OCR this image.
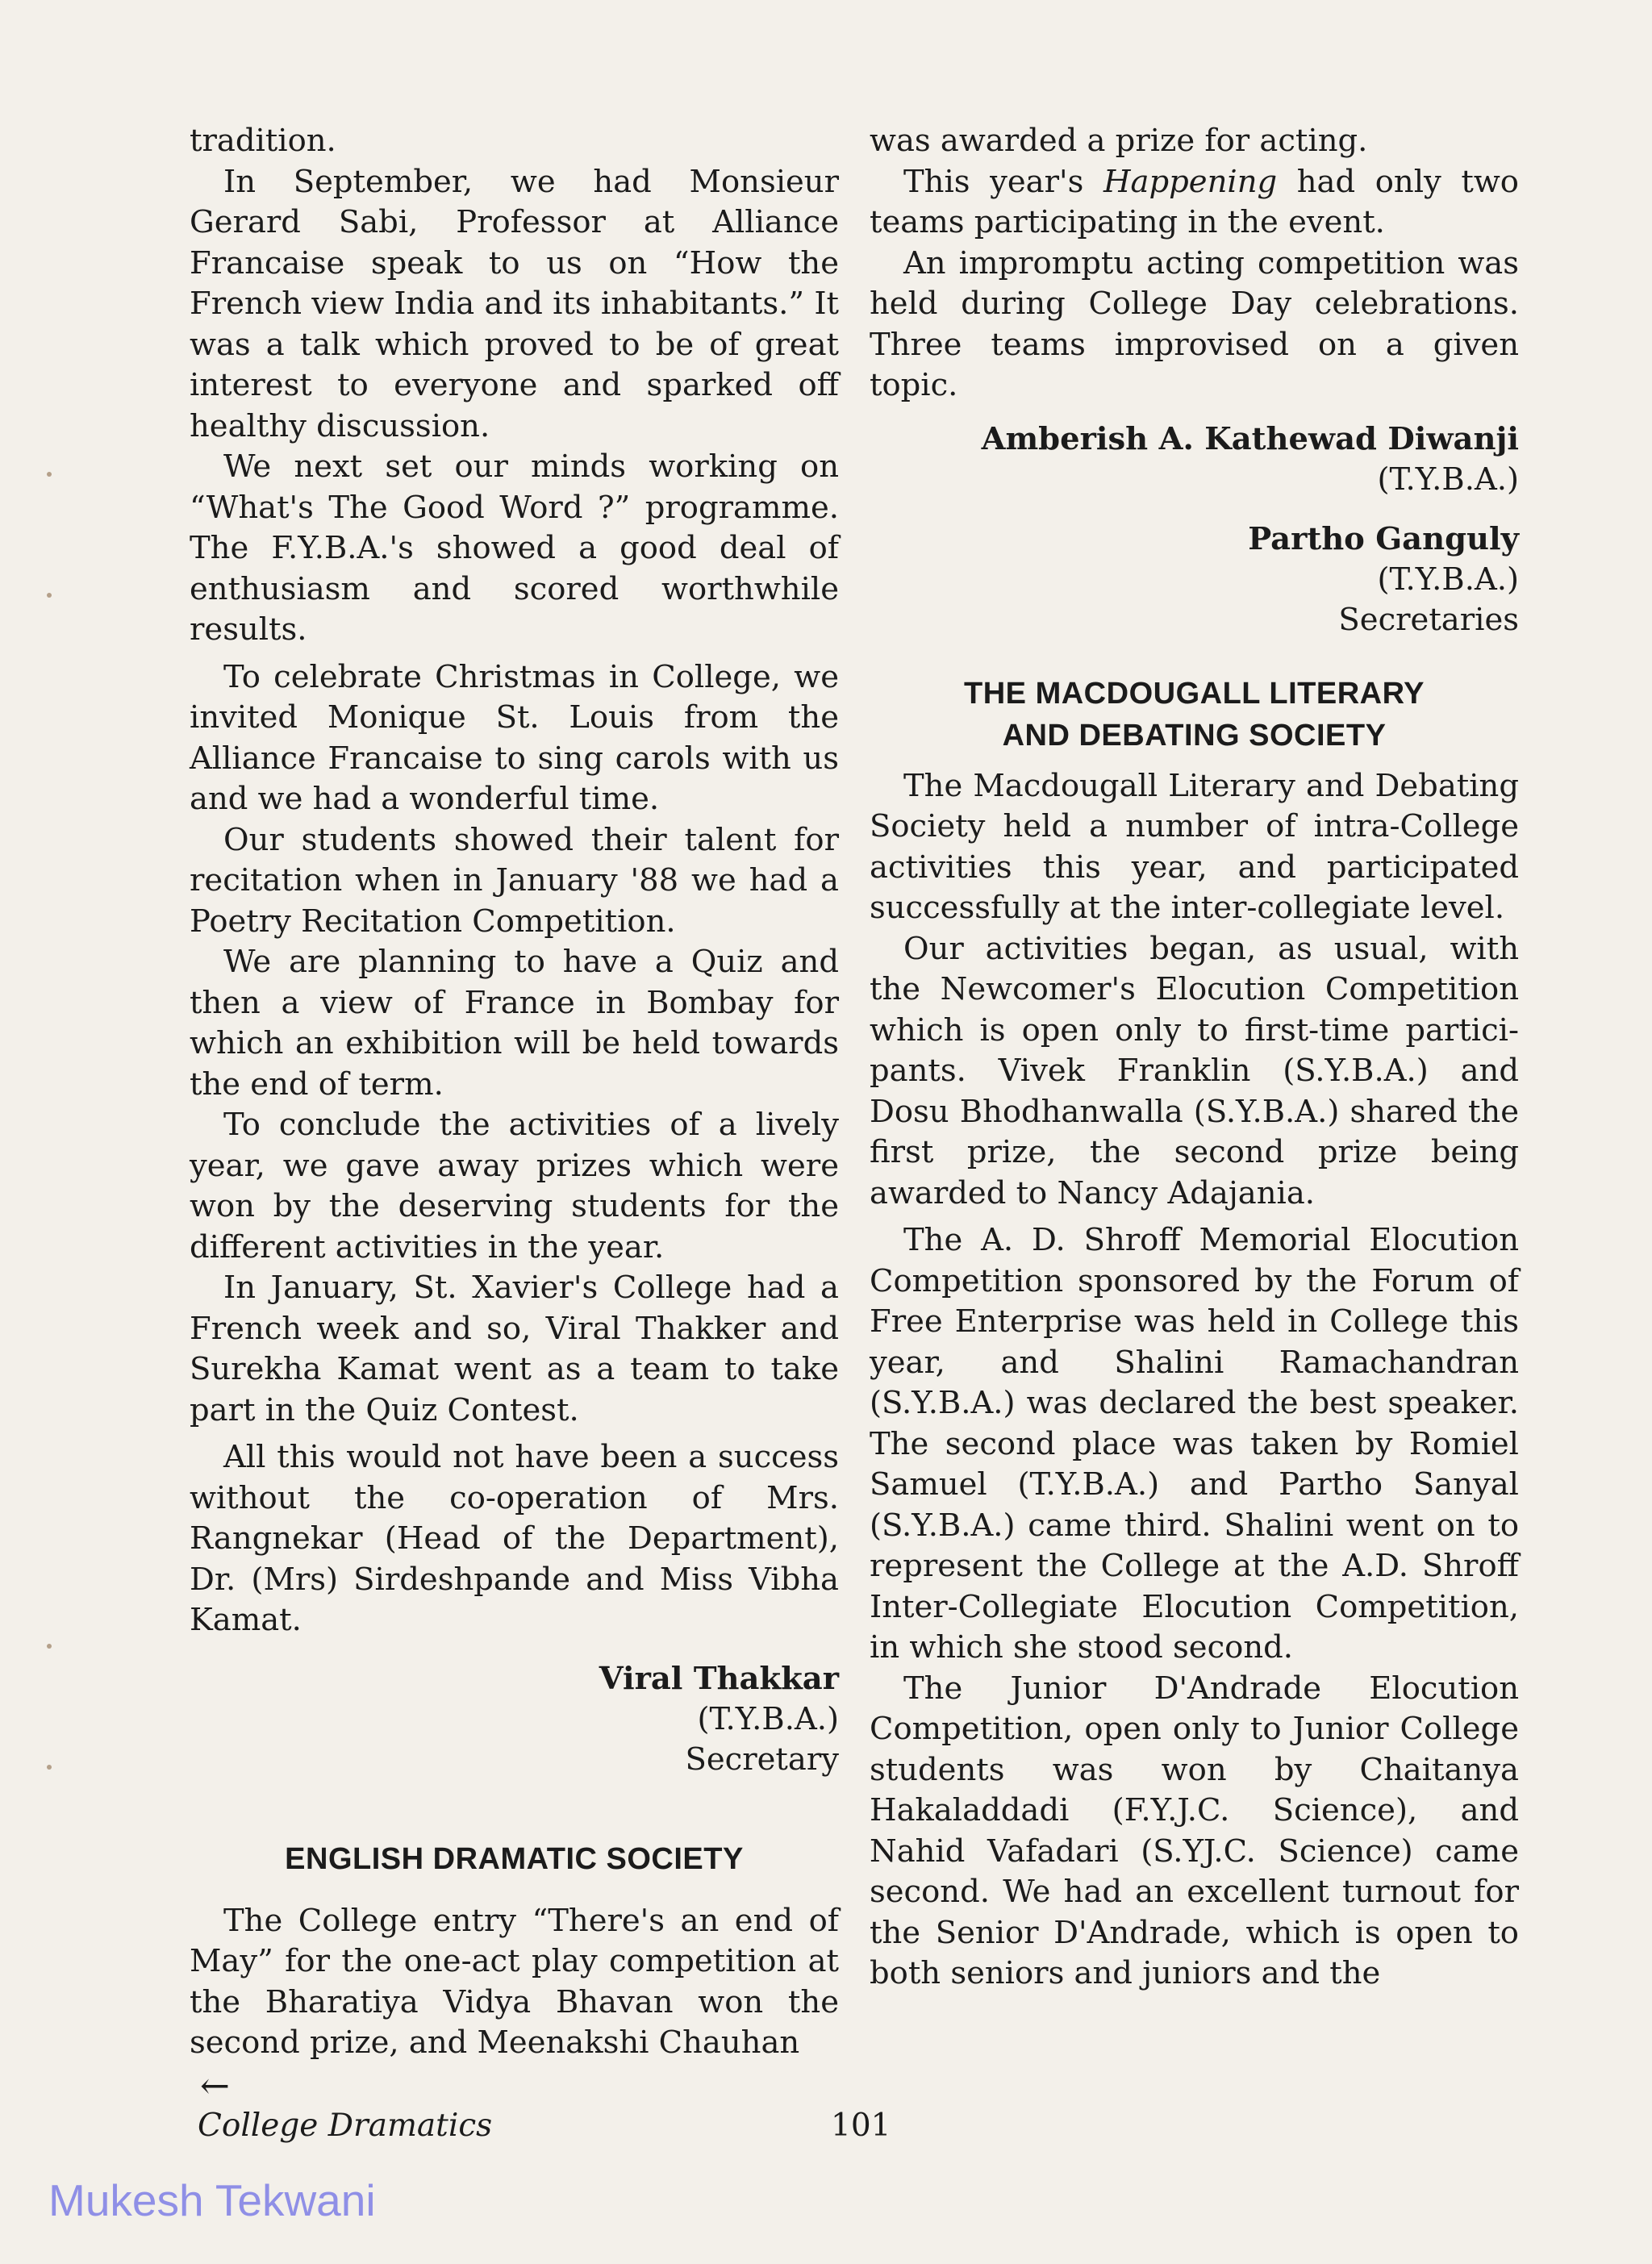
tradition.

In September, we had Monsieur Gerard Sabi, Professor at Alliance Francaise speak to us on “How the French view India and its inhabitants.” It was a talk which proved to be of great interest to everyone and sparked off healthy discussion.

We next set our minds working on “What's The Good Word ?” programme. The F.Y.B.A.'s showed a good deal of enthusiasm and scored worthwhile results.

To celebrate Christmas in College, we invited Monique St. Louis from the Alliance Francaise to sing carols with us and we had a wonderful time.

Our students showed their talent for recitation when in January '88 we had a Poetry Recitation Competition.

We are planning to have a Quiz and then a view of France in Bombay for which an exhibition will be held towards the end of term.

To conclude the activities of a lively year, we gave away prizes which were won by the deserving students for the different activities in the year.

In January, St. Xavier's College had a French week and so, Viral Thakker and Surekha Kamat went as a team to take part in the Quiz Contest.

All this would not have been a success without the co-operation of Mrs. Rangnekar (Head of the Department), Dr. (Mrs) Sirdeshpande and Miss Vibha Kamat.

Viral Thakkar
(T.Y.B.A.)
Secretary
ENGLISH DRAMATIC SOCIETY

The College entry “There's an end of May” for the one-act play competition at the Bharatiya Vidya Bhavan won the second prize, and Meenakshi Chauhan

was awarded a prize for acting.

This year's Happening had only two teams participating in the event.

An impromptu acting competition was held during College Day celebrations. Three teams improvised on a given topic.

Amberish A. Kathewad Diwanji
(T.Y.B.A.)
Partho Ganguly
(T.Y.B.A.)
Secretaries
THE MACDOUGALL LITERARY
AND DEBATING SOCIETY

The Macdougall Literary and Debating Society held a number of intra-College activities this year, and participated successfully at the inter-collegiate level.

Our activities began, as usual, with the Newcomer's Elocution Competition which is open only to first-time participants. Vivek Franklin (S.Y.B.A.) and Dosu Bhodhanwalla (S.Y.B.A.) shared the first prize, the second prize being awarded to Nancy Adajania.

The A. D. Shroff Memorial Elocution Competition sponsored by the Forum of Free Enterprise was held in College this year, and Shalini Ramachandran (S.Y.B.A.) was declared the best speaker. The second place was taken by Romiel Samuel (T.Y.B.A.) and Partho Sanyal (S.Y.B.A.) came third. Shalini went on to represent the College at the A.D. Shroff Inter-Collegiate Elocution Competition, in which she stood second.

The Junior D'Andrade Elocution Competition, open only to Junior College students was won by Chaitanya Hakaladdadi (F.Y.J.C. Science), and Nahid Vafadari (S.YJ.C. Science) came second. We had an excellent turnout for the Senior D'Andrade, which is open to both seniors and juniors and the

←
College Dramatics	101
Mukesh Tekwani
